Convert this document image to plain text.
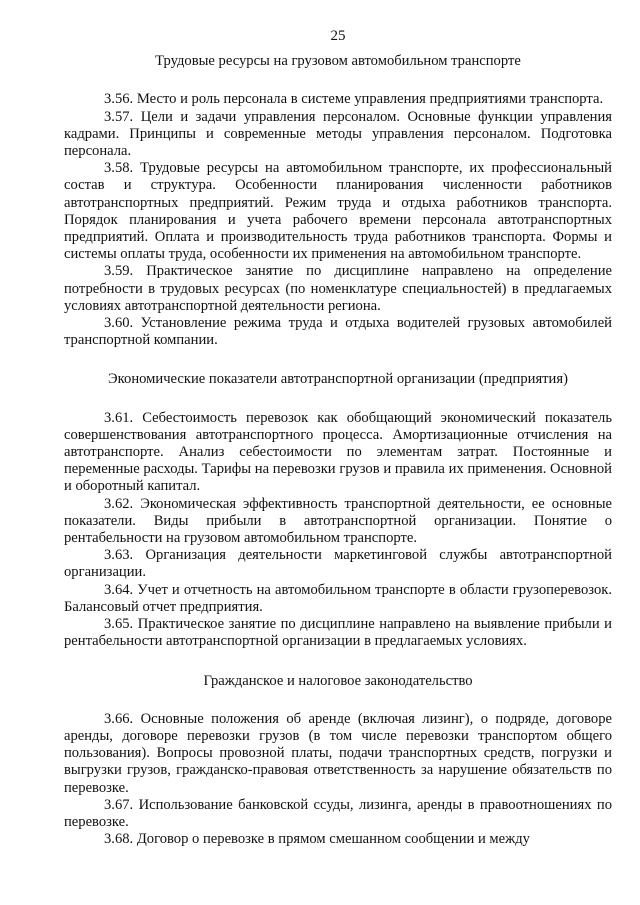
25
Трудовые ресурсы на грузовом автомобильном транспорте

3.56. Место и роль персонала в системе управления предприятиями транспорта.

3.57. Цели и задачи управления персоналом. Основные функции управления кадрами. Принципы и современные методы управления персоналом. Подготовка персонала.

3.58. Трудовые ресурсы на автомобильном транспорте, их профессиональный состав и структура. Особенности планирования численности работников автотранспортных предприятий. Режим труда и отдыха работников транспорта. Порядок планирования и учета рабочего времени персонала автотранспортных предприятий. Оплата и производительность труда работников транспорта. Формы и системы оплаты труда, особенности их применения на автомобильном транспорте.

3.59. Практическое занятие по дисциплине направлено на определение потребности в трудовых ресурсах (по номенклатуре специальностей) в предлагаемых условиях автотранспортной деятельности региона.

3.60. Установление режима труда и отдыха водителей грузовых автомобилей транспортной компании.

Экономические показатели автотранспортной организации (предприятия)

3.61. Себестоимость перевозок как обобщающий экономический показатель совершенствования автотранспортного процесса. Амортизационные отчисления на автотранспорте. Анализ себестоимости по элементам затрат. Постоянные и переменные расходы. Тарифы на перевозки грузов и правила их применения. Основной и оборотный капитал.

3.62. Экономическая эффективность транспортной деятельности, ее основные показатели. Виды прибыли в автотранспортной организации. Понятие о рентабельности на грузовом автомобильном транспорте.

3.63. Организация деятельности маркетинговой службы автотранспортной организации.

3.64. Учет и отчетность на автомобильном транспорте в области грузоперевозок. Балансовый отчет предприятия.

3.65. Практическое занятие по дисциплине направлено на выявление прибыли и рентабельности автотранспортной организации в предлагаемых условиях.

Гражданское и налоговое законодательство

3.66. Основные положения об аренде (включая лизинг), о подряде, договоре аренды, договоре перевозки грузов (в том числе перевозки транспортом общего пользования). Вопросы провозной платы, подачи транспортных средств, погрузки и выгрузки грузов, гражданско-правовая ответственность за нарушение обязательств по перевозке.

3.67. Использование банковской ссуды, лизинга, аренды в правоотношениях по перевозке.

3.68. Договор о перевозке в прямом смешанном сообщении и между
